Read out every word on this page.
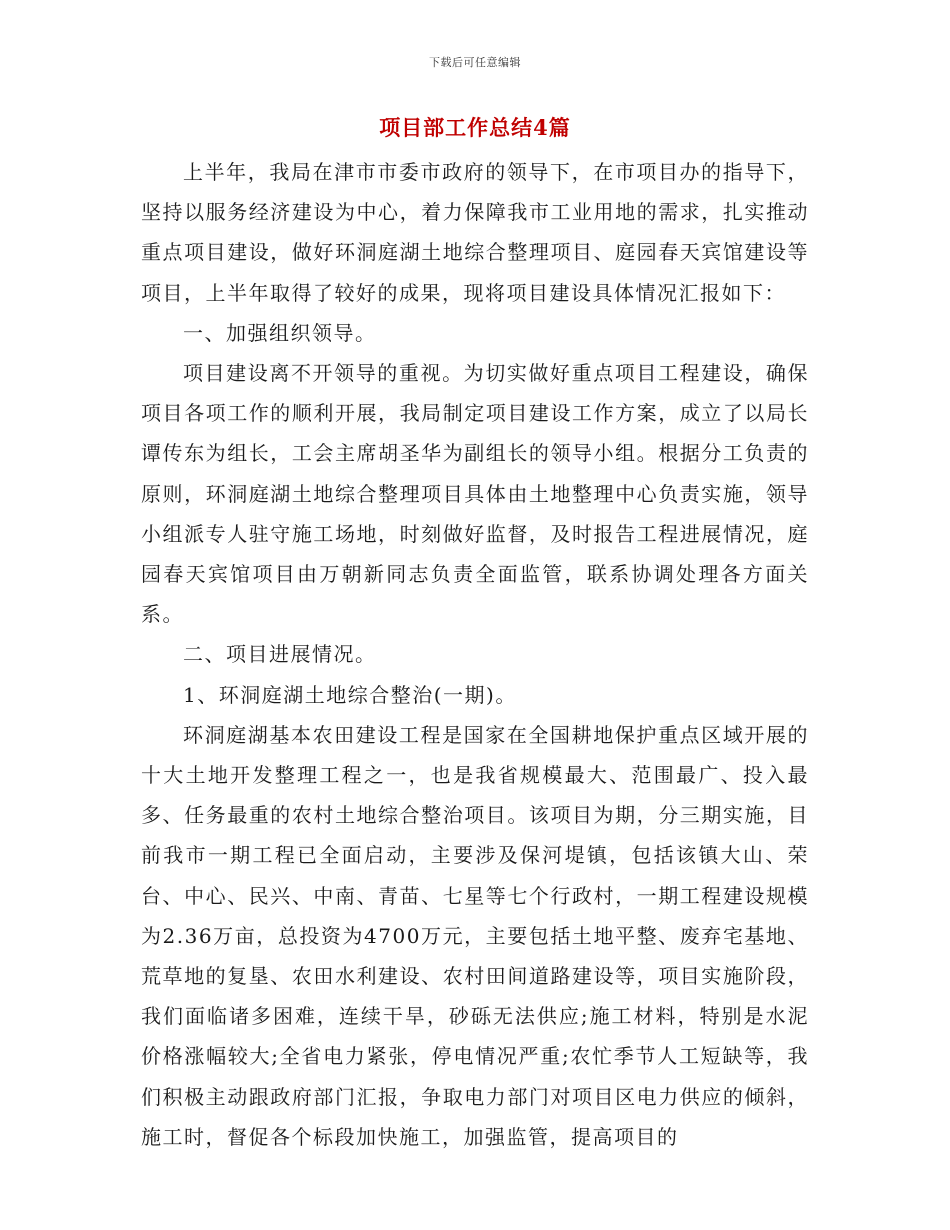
下载后可任意编辑
项目部工作总结4篇

上半年，我局在津市市委市政府的领导下，在市项目办的指导下，坚持以服务经济建设为中心，着力保障我市工业用地的需求，扎实推动重点项目建设，做好环洞庭湖土地综合整理项目、庭园春天宾馆建设等项目，上半年取得了较好的成果，现将项目建设具体情况汇报如下：

一、加强组织领导。

项目建设离不开领导的重视。为切实做好重点项目工程建设，确保项目各项工作的顺利开展，我局制定项目建设工作方案，成立了以局长谭传东为组长，工会主席胡圣华为副组长的领导小组。根据分工负责的原则，环洞庭湖土地综合整理项目具体由土地整理中心负责实施，领导小组派专人驻守施工场地，时刻做好监督，及时报告工程进展情况，庭园春天宾馆项目由万朝新同志负责全面监管，联系协调处理各方面关系。

二、项目进展情况。

1、环洞庭湖土地综合整治(一期)。

环洞庭湖基本农田建设工程是国家在全国耕地保护重点区域开展的十大土地开发整理工程之一，也是我省规模最大、范围最广、投入最多、任务最重的农村土地综合整治项目。该项目为期，分三期实施，目前我市一期工程已全面启动，主要涉及保河堤镇，包括该镇大山、荣台、中心、民兴、中南、青苗、七星等七个行政村，一期工程建设规模为2.36万亩，总投资为4700万元，主要包括土地平整、废弃宅基地、荒草地的复垦、农田水利建设、农村田间道路建设等，项目实施阶段，我们面临诸多困难，连续干旱，砂砾无法供应;施工材料，特别是水泥价格涨幅较大;全省电力紧张，停电情况严重;农忙季节人工短缺等，我们积极主动跟政府部门汇报，争取电力部门对项目区电力供应的倾斜，施工时，督促各个标段加快施工，加强监管，提高项目的
